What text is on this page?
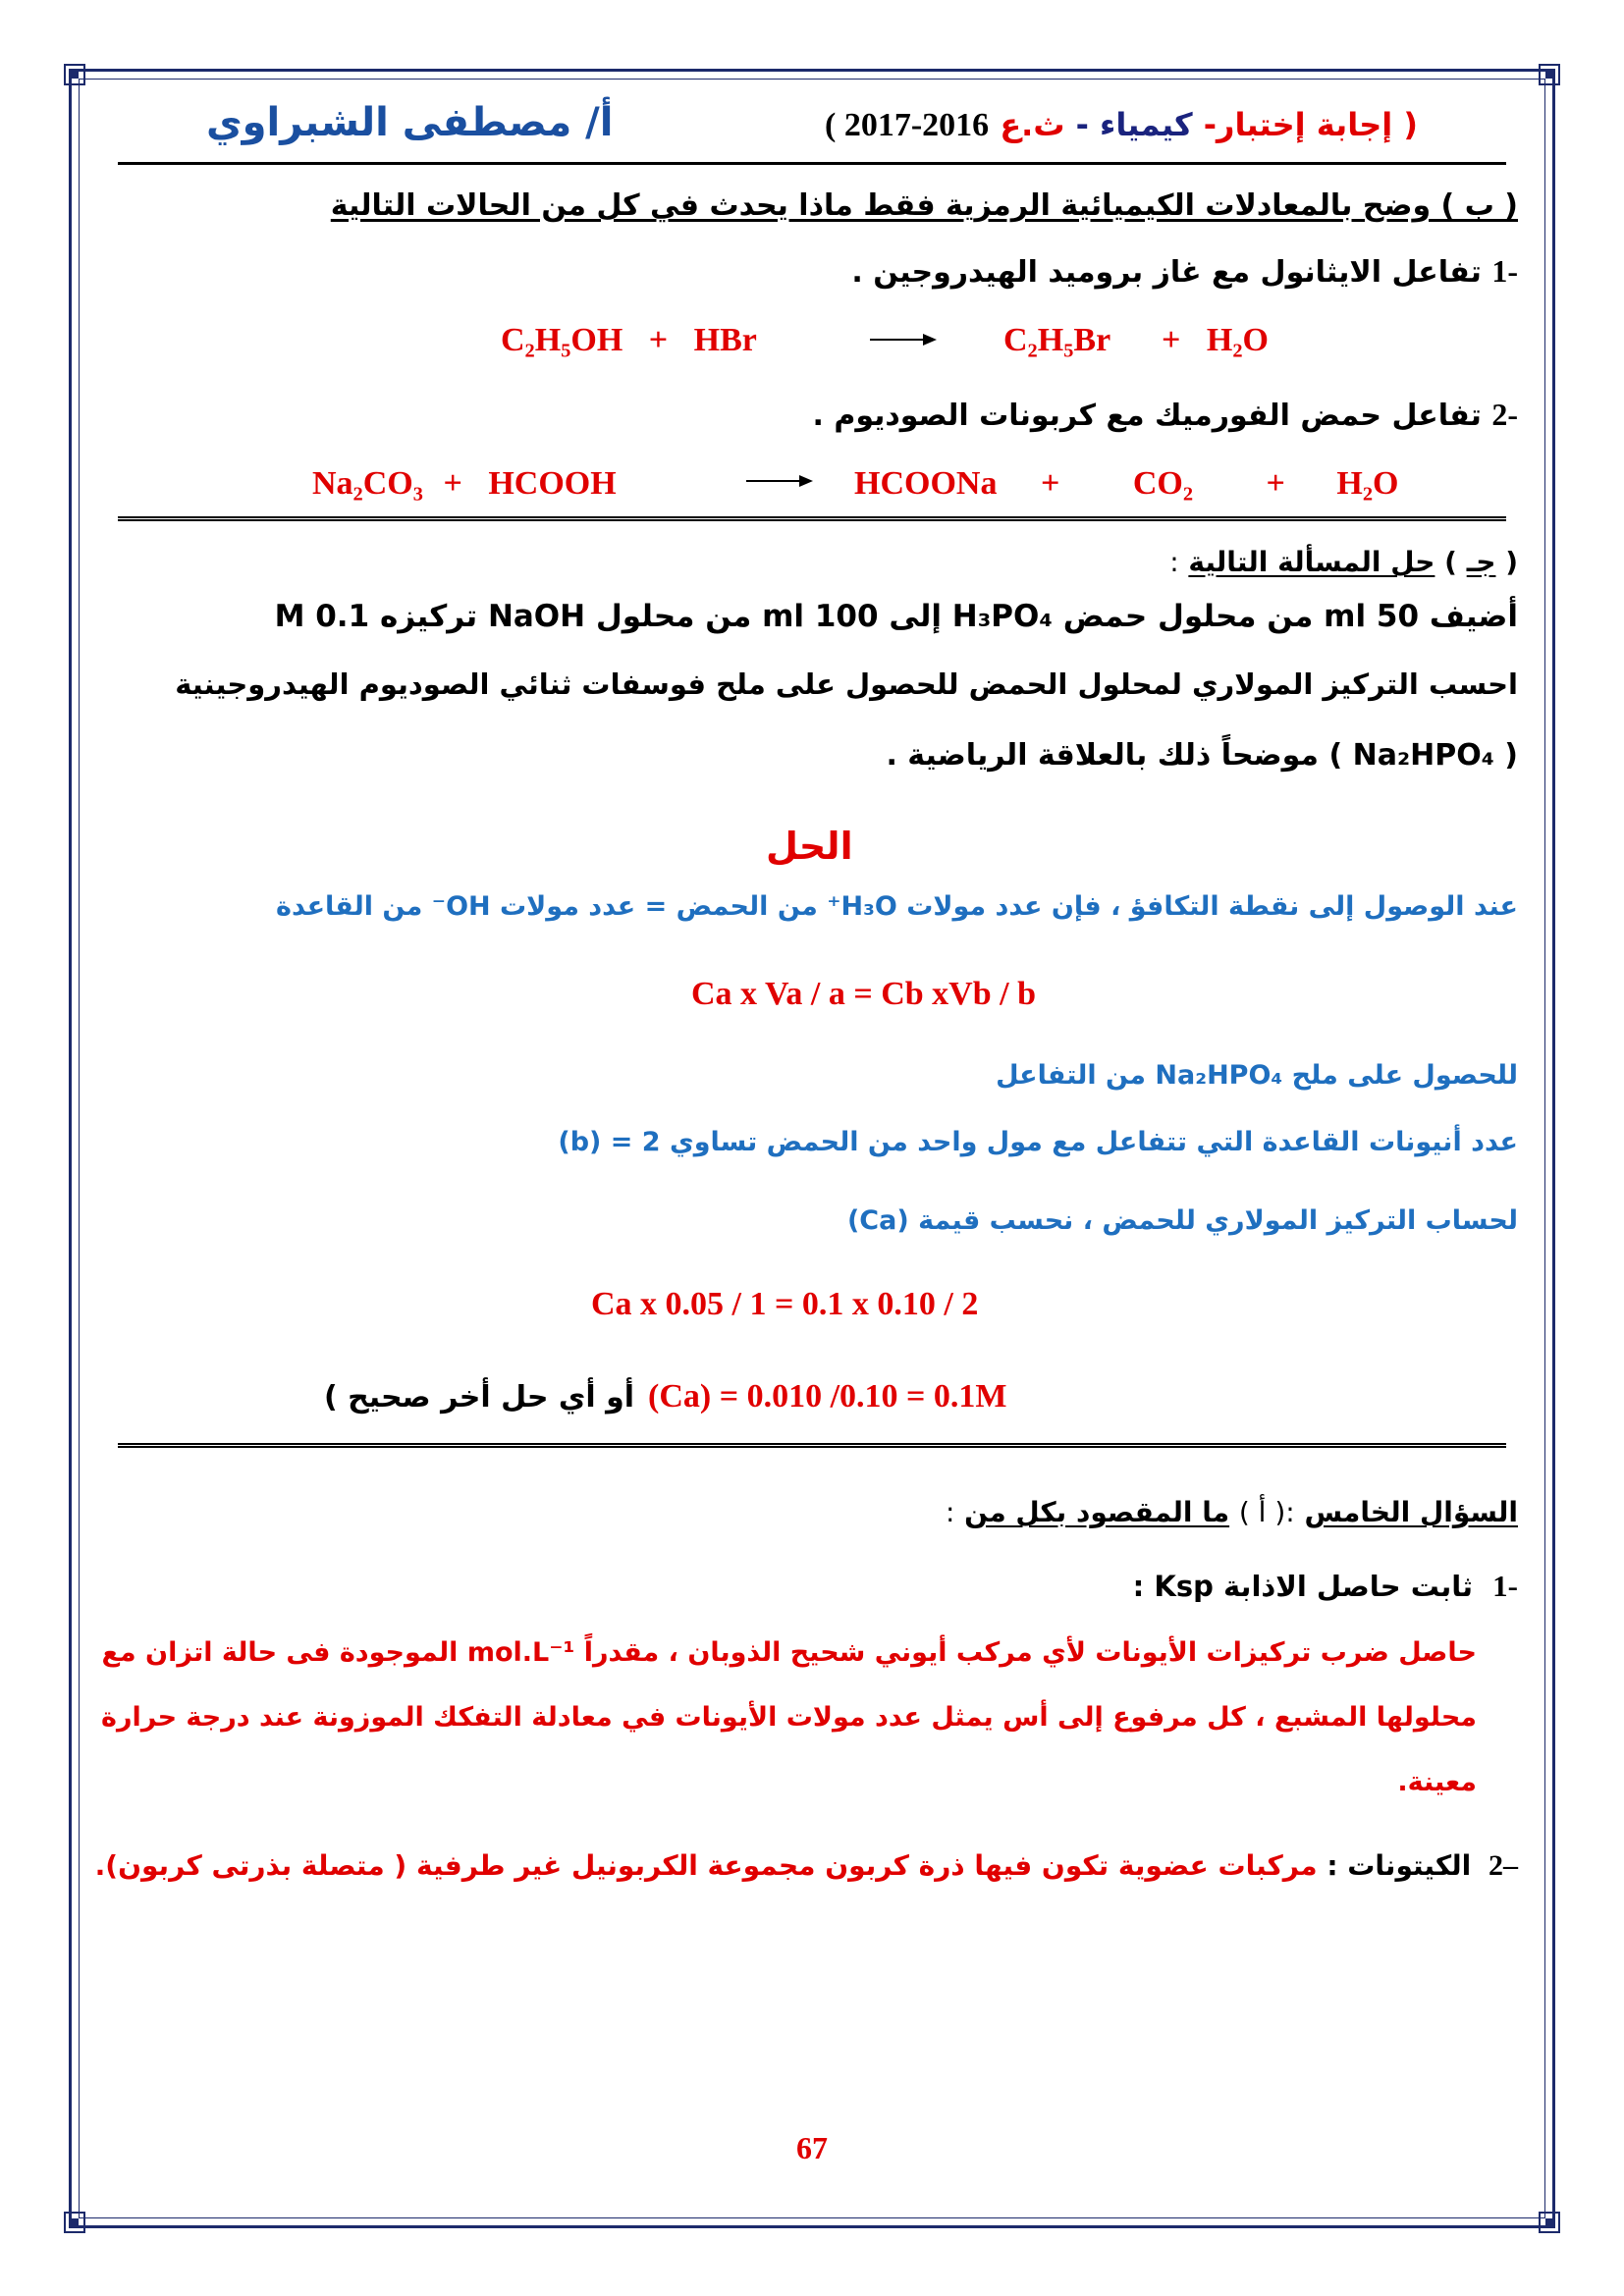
( إجابة إختبار- كيمياء - ث.ع 2016-2017 )
أ/ مصطفى الشبراوي
( ب ) وضح بالمعادلات الكيميائية الرمزية فقط ماذا يحدث في كل من الحالات التالية
-1 تفاعل الايثانول مع غاز بروميد الهيدروجين .
C₂H₅OH + HBr	C₂H₅Br + H₂O
-2 تفاعل حمض الفورميك مع كربونات الصوديوم .
Na₂CO₃ + HCOOH	HCOONa + CO₂ + H₂O
( جـ ) حل المسألة التالية :
أضيف 50 ml من محلول حمض H₃PO₄ إلى 100 ml من محلول NaOH تركيزه 0.1 M
احسب التركيز المولاري لمحلول الحمض للحصول على ملح فوسفات ثنائي الصوديوم الهيدروجينية
( Na₂HPO₄ ) موضحاً ذلك بالعلاقة الرياضية .
الحل
عند الوصول إلى نقطة التكافؤ ، فإن عدد مولات H₃O⁺ من الحمض = عدد مولات OH⁻ من القاعدة
Ca x Va / a = Cb xVb / b
للحصول على ملح Na₂HPO₄ من التفاعل
عدد أنيونات القاعدة التي تتفاعل مع مول واحد من الحمض تساوي 2 = (b)
لحساب التركيز المولاري للحمض ، نحسب قيمة (Ca)
Ca x 0.05 / 1 = 0.1 x 0.10 / 2
(Ca) = 0.010 /0.10 = 0.1M
أو أي حل أخر صحيح )
السؤال الخامس :( أ ) ما المقصود بكل من :
-1 ثابت حاصل الاذابة Ksp :
حاصل ضرب تركيزات الأيونات لأي مركب أيوني شحيح الذوبان ، مقدراً mol.L⁻¹ الموجودة فى حالة اتزان مع
محلولها المشبع ، كل مرفوع إلى أس يمثل عدد مولات الأيونات في معادلة التفكك الموزونة عند درجة حرارة
معينة.
–2 الكيتونات : مركبات عضوية تكون فيها ذرة كربون مجموعة الكربونيل غير طرفية ( متصلة بذرتى كربون).
67
